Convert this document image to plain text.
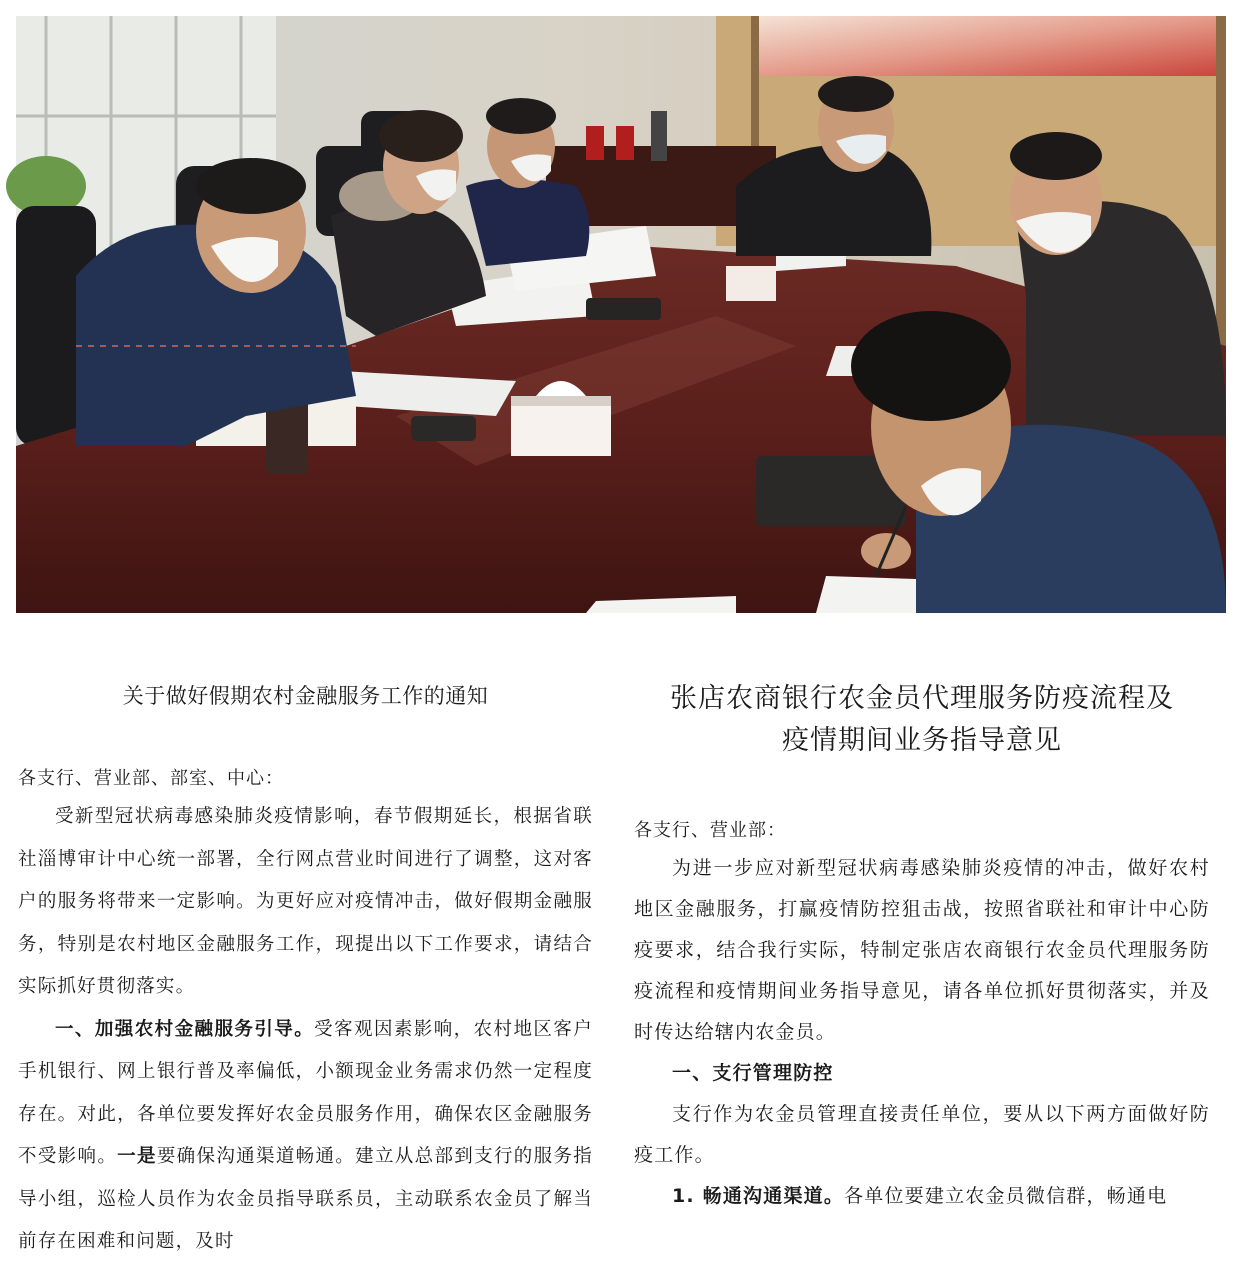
关于做好假期农村金融服务工作的通知
各支行、营业部、部室、中心：

受新型冠状病毒感染肺炎疫情影响，春节假期延长，根据省联社淄博审计中心统一部署，全行网点营业时间进行了调整，这对客户的服务将带来一定影响。为更好应对疫情冲击，做好假期金融服务，特别是农村地区金融服务工作，现提出以下工作要求，请结合实际抓好贯彻落实。

一、加强农村金融服务引导。受客观因素影响，农村地区客户手机银行、网上银行普及率偏低，小额现金业务需求仍然一定程度存在。对此，各单位要发挥好农金员服务作用，确保农区金融服务不受影响。一是要确保沟通渠道畅通。建立从总部到支行的服务指导小组，巡检人员作为农金员指导联系员，主动联系农金员了解当前存在困难和问题，及时

张店农商银行农金员代理服务防疫流程及
疫情期间业务指导意见
各支行、营业部：

为进一步应对新型冠状病毒感染肺炎疫情的冲击，做好农村地区金融服务，打赢疫情防控狙击战，按照省联社和审计中心防疫要求，结合我行实际，特制定张店农商银行农金员代理服务防疫流程和疫情期间业务指导意见，请各单位抓好贯彻落实，并及时传达给辖内农金员。

一、支行管理防控

支行作为农金员管理直接责任单位，要从以下两方面做好防疫工作。

1. 畅通沟通渠道。各单位要建立农金员微信群，畅通电
